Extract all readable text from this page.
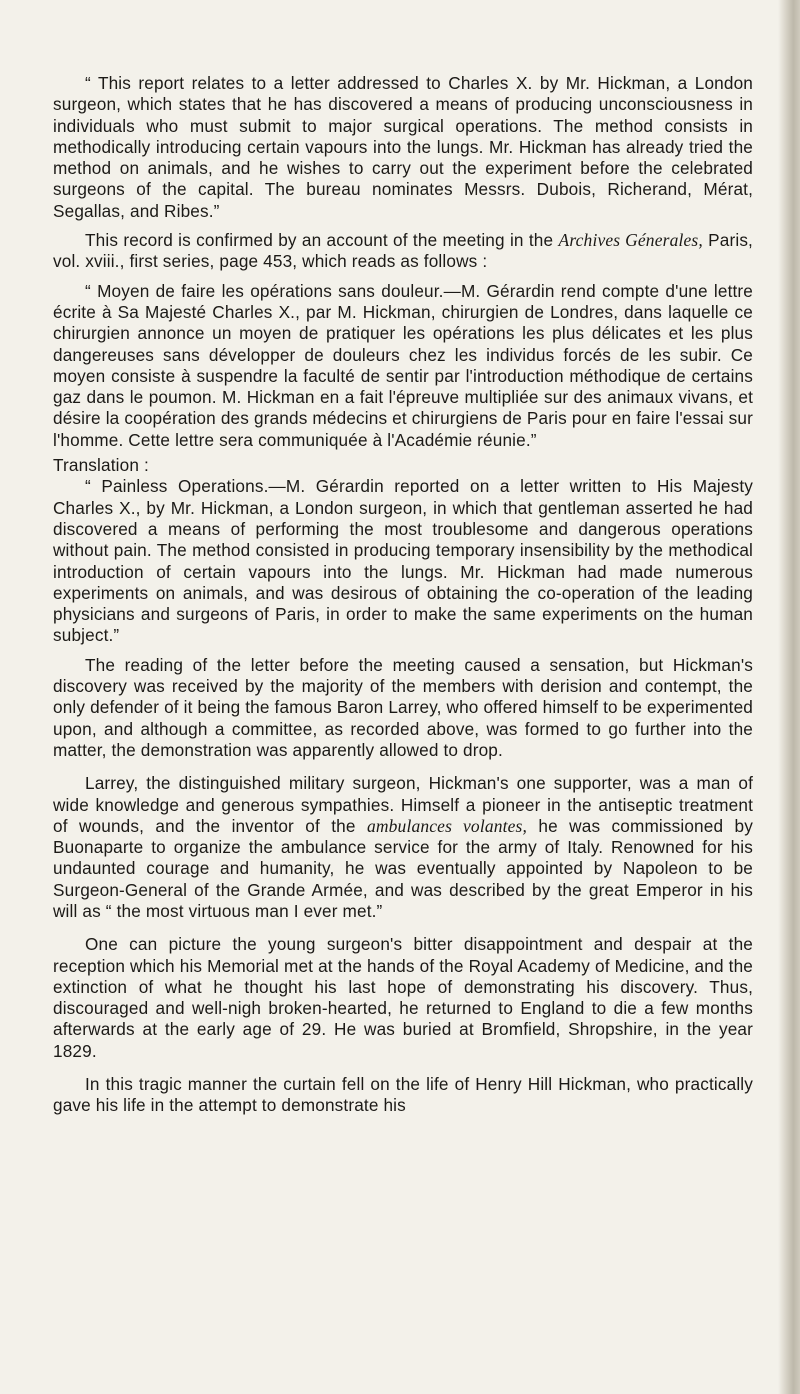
“ This report relates to a letter addressed to Charles X. by Mr. Hickman, a London surgeon, which states that he has discovered a means of producing unconsciousness in individuals who must submit to major surgical operations. The method consists in methodically introducing certain vapours into the lungs. Mr. Hickman has already tried the method on animals, and he wishes to carry out the experiment before the celebrated surgeons of the capital. The bureau nominates Messrs. Dubois, Richerand, Mérat, Segallas, and Ribes.”

This record is confirmed by an account of the meeting in the Archives Génerales, Paris, vol. xviii., first series, page 453, which reads as follows :

“ Moyen de faire les opérations sans douleur.—M. Gérardin rend compte d'une lettre écrite à Sa Majesté Charles X., par M. Hickman, chirurgien de Londres, dans laquelle ce chirurgien annonce un moyen de pratiquer les opérations les plus délicates et les plus dangereuses sans développer de douleurs chez les individus forcés de les subir. Ce moyen consiste à suspendre la faculté de sentir par l'introduction méthodique de certains gaz dans le poumon. M. Hickman en a fait l'épreuve multipliée sur des animaux vivans, et désire la coopération des grands médecins et chirurgiens de Paris pour en faire l'essai sur l'homme. Cette lettre sera communiquée à l'Académie réunie.”

Translation :

“ Painless Operations.—M. Gérardin reported on a letter written to His Majesty Charles X., by Mr. Hickman, a London surgeon, in which that gentleman asserted he had discovered a means of performing the most troublesome and dangerous operations without pain. The method consisted in producing temporary insensibility by the methodical introduction of certain vapours into the lungs. Mr. Hickman had made numerous experiments on animals, and was desirous of obtaining the co-operation of the leading physicians and surgeons of Paris, in order to make the same experiments on the human subject.”

The reading of the letter before the meeting caused a sensation, but Hickman's discovery was received by the majority of the members with derision and contempt, the only defender of it being the famous Baron Larrey, who offered himself to be experimented upon, and although a committee, as recorded above, was formed to go further into the matter, the demonstration was apparently allowed to drop.

Larrey, the distinguished military surgeon, Hickman's one supporter, was a man of wide knowledge and generous sympathies. Himself a pioneer in the antiseptic treatment of wounds, and the inventor of the ambulances volantes, he was commissioned by Buonaparte to organize the ambulance service for the army of Italy. Renowned for his undaunted courage and humanity, he was eventually appointed by Napoleon to be Surgeon-General of the Grande Armée, and was described by the great Emperor in his will as “ the most virtuous man I ever met.”

One can picture the young surgeon's bitter disappointment and despair at the reception which his Memorial met at the hands of the Royal Academy of Medicine, and the extinction of what he thought his last hope of demonstrating his discovery. Thus, discouraged and well-nigh broken-hearted, he returned to England to die a few months afterwards at the early age of 29. He was buried at Bromfield, Shropshire, in the year 1829.

In this tragic manner the curtain fell on the life of Henry Hill Hickman, who practically gave his life in the attempt to demonstrate his
